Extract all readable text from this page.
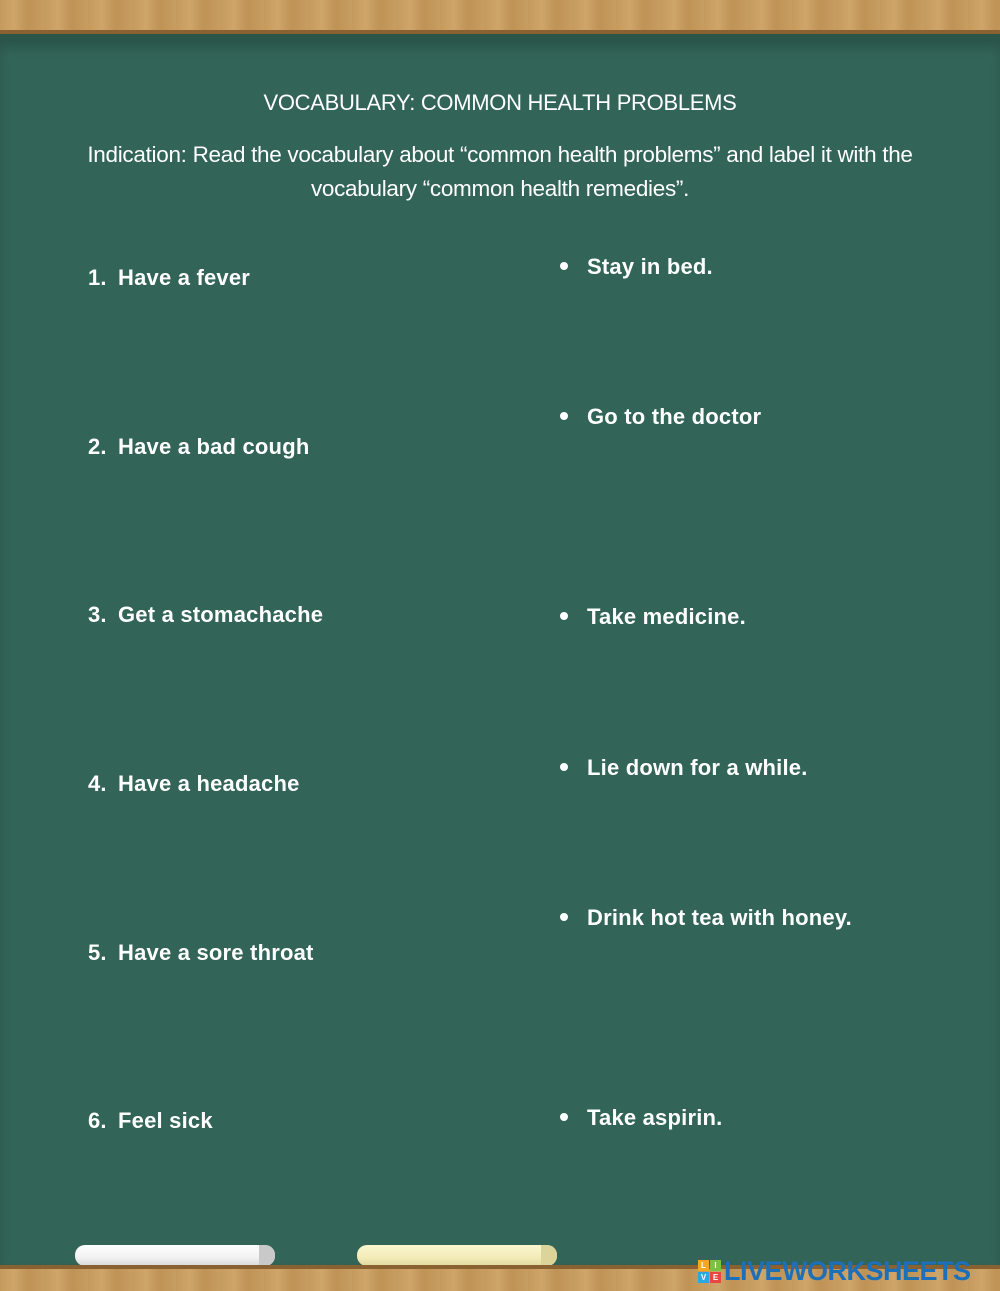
VOCABULARY: COMMON HEALTH PROBLEMS
Indication: Read the vocabulary about “common health problems” and label it with the vocabulary “common health remedies”.
1. Have a fever
2. Have a bad cough
3. Get a stomachache
4. Have a headache
5. Have a sore throat
6. Feel sick
Stay in bed.
Go to the doctor
Take medicine.
Lie down for a while.
Drink hot tea with honey.
Take aspirin.
L	I
V E LIVEWORKSHEETS
